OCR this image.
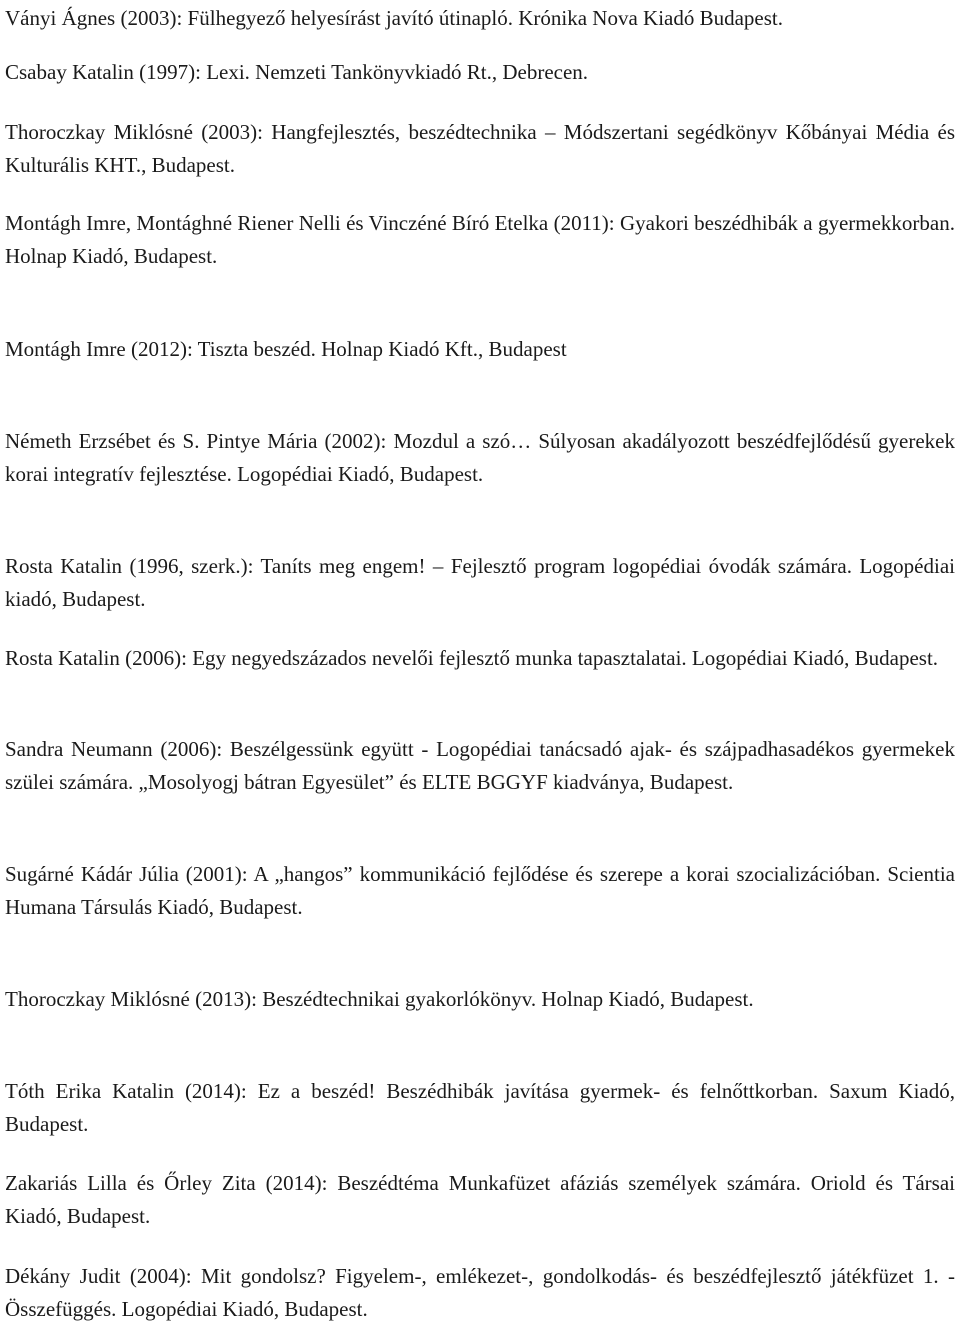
Ványi Ágnes (2003): Fülhegyező helyesírást javító útinapló. Krónika Nova Kiadó Budapest.

Csabay Katalin (1997): Lexi. Nemzeti Tankönyvkiadó Rt., Debrecen.

Thoroczkay Miklósné (2003): Hangfejlesztés, beszédtechnika – Módszertani segédkönyv Kőbányai Média és Kulturális KHT., Budapest.

Montágh Imre, Montághné Riener Nelli és Vinczéné Bíró Etelka (2011): Gyakori beszédhibák a gyermekkorban. Holnap Kiadó, Budapest.

Montágh Imre (2012): Tiszta beszéd. Holnap Kiadó Kft., Budapest

Németh Erzsébet és S. Pintye Mária (2002): Mozdul a szó… Súlyosan akadályozott beszédfejlődésű gyerekek korai integratív fejlesztése. Logopédiai Kiadó, Budapest.

Rosta Katalin (1996, szerk.): Taníts meg engem! – Fejlesztő program logopédiai óvodák számára. Logopédiai kiadó, Budapest.

Rosta Katalin (2006): Egy negyedszázados nevelői fejlesztő munka tapasztalatai. Logopédiai Kiadó, Budapest.

Sandra Neumann (2006): Beszélgessünk együtt - Logopédiai tanácsadó ajak- és szájpadhasadékos gyermekek szülei számára. „Mosolyogj bátran Egyesület” és ELTE BGGYF kiadványa, Budapest.

Sugárné Kádár Júlia (2001): A „hangos” kommunikáció fejlődése és szerepe a korai szocializációban. Scientia Humana Társulás Kiadó, Budapest.

Thoroczkay Miklósné (2013): Beszédtechnikai gyakorlókönyv. Holnap Kiadó, Budapest.

Tóth Erika Katalin (2014): Ez a beszéd! Beszédhibák javítása gyermek- és felnőttkorban. Saxum Kiadó, Budapest.

Zakariás Lilla és Őrley Zita (2014): Beszédtéma Munkafüzet afáziás személyek számára. Oriold és Társai Kiadó, Budapest.

Dékány Judit (2004): Mit gondolsz? Figyelem-, emlékezet-, gondolkodás- és beszédfejlesztő játékfüzet 1. - Összefüggés. Logopédiai Kiadó, Budapest.
